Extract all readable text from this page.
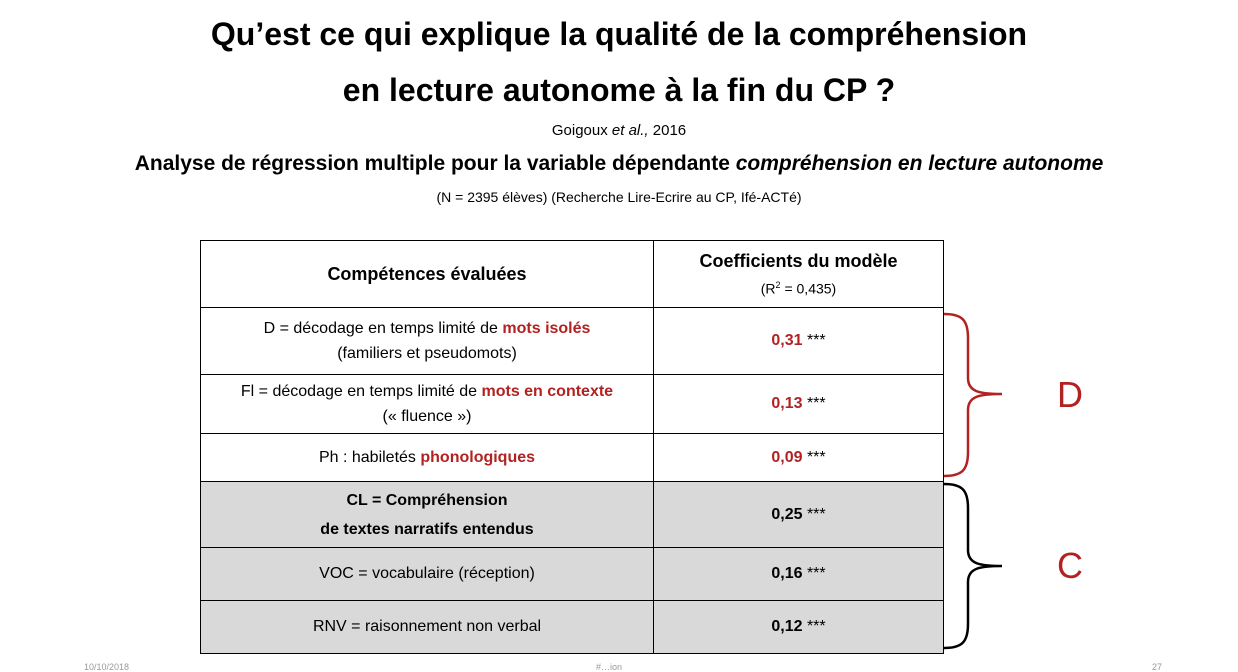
Qu’est ce qui explique la qualité de la compréhension
en lecture autonome à la fin du CP ?
Goigoux et al., 2016
Analyse de régression multiple pour la variable dépendante compréhension en lecture autonome
(N = 2395 élèves) (Recherche Lire-Ecrire au CP, Ifé-ACTé)
Compétences évaluées	Coefficients du modèle
$(R^2 = 0,435)$

D = décodage en temps limité de mots isolés
(familiers et pseudomots)	0,31 ***

Fl = décodage en temps limité de mots en contexte
(« fluence »)	0,13 ***
Ph : habiletés phonologiques	0,09 ***

CL = Compréhension
de textes narratifs entendus	0,25 ***
VOC = vocabulaire (réception)	0,16 ***
RNV = raisonnement non verbal	0,12 ***
D
C
10/10/2018	#…ion	27
